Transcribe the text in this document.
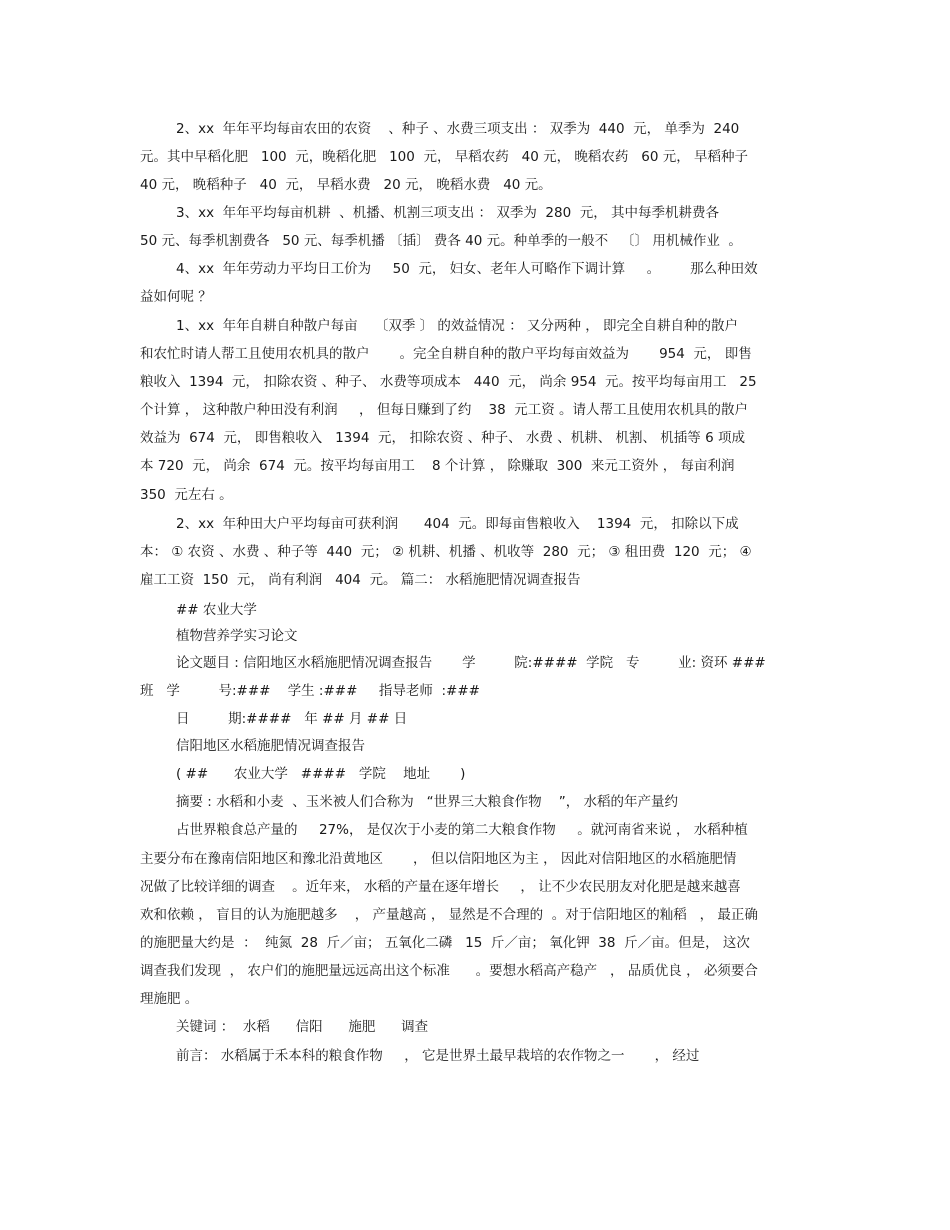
2、xx  年年平均每亩农田的农资    、种子 、水费三项支出 ： 双季为  440  元， 单季为  240
元。其中早稻化肥   100  元，晚稻化肥   100  元， 早稻农药   40 元， 晚稻农药   60 元， 早稻种子
40 元， 晚稻种子   40  元， 早稻水费   20 元， 晚稻水费   40 元。
3、xx  年年平均每亩机耕  、机播、机割三项支出 ： 双季为  280  元， 其中每季机耕费各
50 元、每季机割费各   50 元、每季机播 〔插〕 费各 40 元。种单季的一般不   〔〕 用机械作业  。
4、xx  年年劳动力平均日工价为     50  元， 妇女、老年人可略作下调计算     。       那么种田效
益如何呢 ？
1、xx  年年自耕自种散户每亩    〔双季 〕 的效益情况 ： 又分两种 ， 即完全自耕自种的散户
和农忙时请人帮工且使用农机具的散户       。完全自耕自种的散户平均每亩效益为       954  元， 即售
粮收入  1394  元， 扣除农资 、种子、 水费等项成本   440  元， 尚余 954  元。按平均每亩用工   25
个计算 ， 这种散户种田没有利润     ， 但每日赚到了约    38  元工资 。请人帮工且使用农机具的散户
效益为  674  元， 即售粮收入   1394  元， 扣除农资 、种子、 水费 、机耕、 机割、 机插等 6 项成
本 720  元， 尚余  674  元。按平均每亩用工    8 个计算 ， 除赚取  300  来元工资外 ， 每亩利润
350  元左右 。
2、xx  年种田大户平均每亩可获利润      404  元。即每亩售粮收入    1394  元， 扣除以下成
本： ① 农资 、水费 、种子等  440  元； ② 机耕、机播 、机收等  280  元； ③ 租田费  120  元； ④
雇工工资  150  元， 尚有利润   404  元。 篇二： 水稻施肥情况调查报告
## 农业大学
植物营养学实习论文
论文题目 : 信阳地区水稻施肥情况调查报告       学         院:####  学院   专         业: 资环 ###
班   学         号:###    学生 :###     指导老师  :###
日         期:####   年 ## 月 ## 日
信阳地区水稻施肥情况调查报告
( ##      农业大学   ####   学院    地址       )
摘要 : 水稻和小麦  、玉米被人们合称为   “世界三大粮食作物    ”， 水稻的年产量约
占世界粮食总产量的     27%， 是仅次于小麦的第二大粮食作物     。就河南省来说 ， 水稻种植
主要分布在豫南信阳地区和豫北沿黄地区       ， 但以信阳地区为主 ， 因此对信阳地区的水稻施肥情
况做了比较详细的调查    。近年来， 水稻的产量在逐年增长     ， 让不少农民朋友对化肥是越来越喜
欢和依赖 ， 盲目的认为施肥越多    ， 产量越高 ， 显然是不合理的  。对于信阳地区的籼稻   ， 最正确
的施肥量大约是  ：  纯氮  28  斤／亩； 五氧化二磷   15  斤／亩； 氧化钾  38  斤／亩。但是， 这次
调查我们发现  ， 农户们的施肥量远远高出这个标准      。要想水稻高产稳产   ， 品质优良 ， 必须要合
理施肥 。
关键词 ：  水稻      信阳      施肥      调查
前言： 水稻属于禾本科的粮食作物     ， 它是世界土最早栽培的农作物之一       ， 经过
